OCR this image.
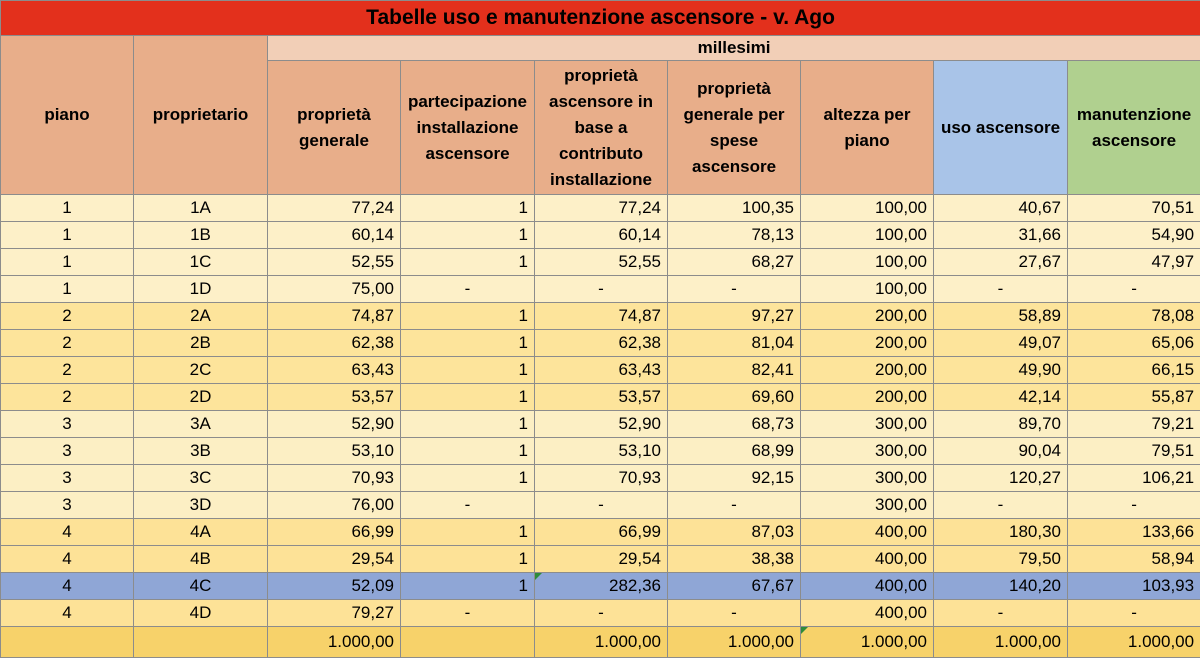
Tabelle uso e manutenzione ascensore - v. Ago								
piano	proprietario	millesimi						
		proprietà generale	partecipazione installazione ascensore	proprietà ascensore in base a contributo installazione	proprietà generale per spese ascensore	altezza per piano	uso ascensore	manutenzione ascensore
1	1A	77,24	1	77,24	100,35	100,00	40,67	70,51
1	1B	60,14	1	60,14	78,13	100,00	31,66	54,90
1	1C	52,55	1	52,55	68,27	100,00	27,67	47,97
1	1D	75,00	-	-	-	100,00	-	-
2	2A	74,87	1	74,87	97,27	200,00	58,89	78,08
2	2B	62,38	1	62,38	81,04	200,00	49,07	65,06
2	2C	63,43	1	63,43	82,41	200,00	49,90	66,15
2	2D	53,57	1	53,57	69,60	200,00	42,14	55,87
3	3A	52,90	1	52,90	68,73	300,00	89,70	79,21
3	3B	53,10	1	53,10	68,99	300,00	90,04	79,51
3	3C	70,93	1	70,93	92,15	300,00	120,27	106,21
3	3D	76,00	-	-	-	300,00	-	-
4	4A	66,99	1	66,99	87,03	400,00	180,30	133,66
4	4B	29,54	1	29,54	38,38	400,00	79,50	58,94
4	4C	52,09	1	282,36	67,67	400,00	140,20	103,93
4	4D	79,27	-	-	-	400,00	-	-
		1.000,00		1.000,00	1.000,00	1.000,00	1.000,00	1.000,00
